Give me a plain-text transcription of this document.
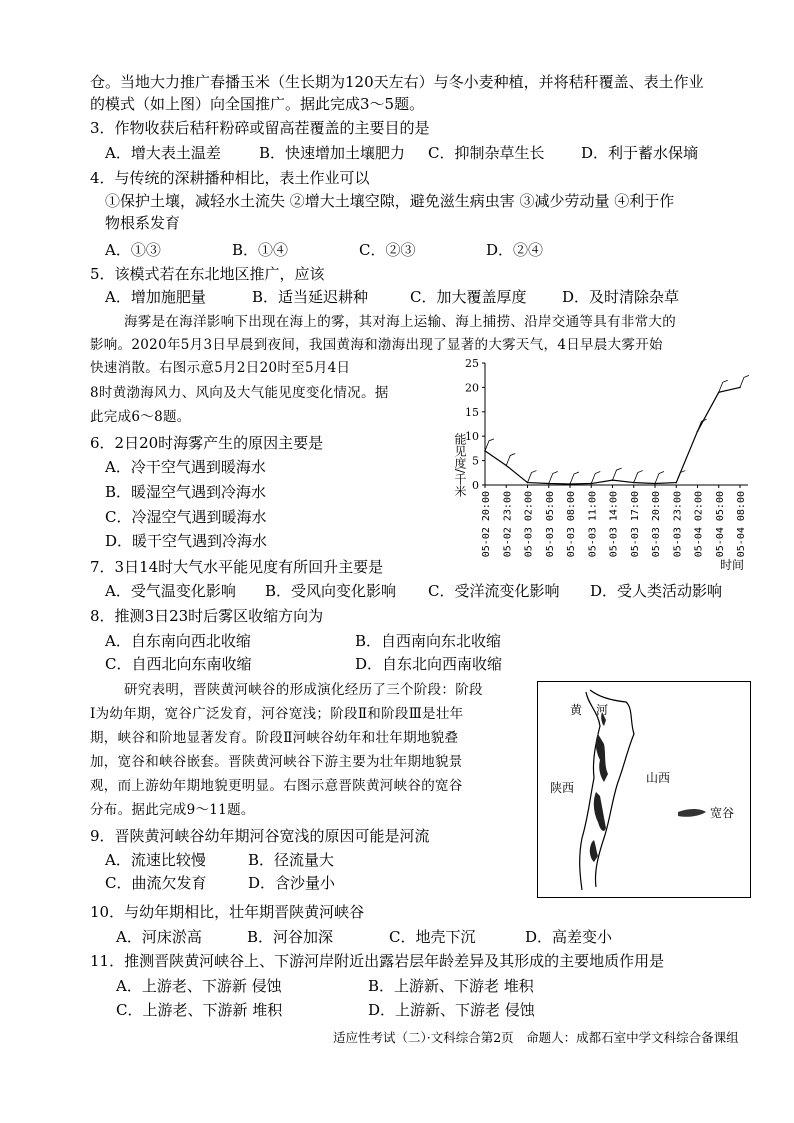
仓。当地大力推广春播玉米（生长期为120天左右）与冬小麦种植，并将秸秆覆盖、表土作业
的模式（如上图）向全国推广。据此完成3～5题。
3．作物收获后秸秆粉碎或留高茬覆盖的主要目的是
A．增大表土温差	B．快速增加土壤肥力 C．抑制杂草生长 D．利于蓄水保墒
4．与传统的深耕播种相比，表土作业可以
①保护土壤，减轻水土流失 ②增大土壤空隙，避免滋生病虫害 ③减少劳动量 ④利于作
物根系发育
A．①③	B．①④	C．②③	D．②④
5．该模式若在东北地区推广，应该
A．增加施肥量	B．适当延迟耕种	C．加大覆盖厚度 D．及时清除杂草
海雾是在海洋影响下出现在海上的雾，其对海上运输、海上捕捞、沿岸交通等具有非常大的
影响。2020年5月3日早晨到夜间，我国黄海和渤海出现了显著的大雾天气，4日早晨大雾开始
快速消散。右图示意5月2日20时至5月4日
8时黄渤海风力、风向及大气能见度变化情况。据
此完成6～8题。
6．2日20时海雾产生的原因主要是
A．冷干空气遇到暖海水
B．暖湿空气遇到冷海水
C．冷湿空气遇到暖海水
D．暖干空气遇到冷海水
能见度/千米
时间
0
5
10
15
20
25
05-02 20:00 05-02 23:00 05-03 02:00 05-03 05:00 05-03 08:00 05-03 11:00 05-03 14:00 05-03 17:00 05-03 20:00 05-03 23:00 05-04 02:00 05-04 05:00 05-04 08:00
7．3日14时大气水平能见度有所回升主要是
A．受气温变化影响 B．受风向变化影响 C．受洋流变化影响 D．受人类活动影响
8．推测3日23时后雾区收缩方向为
A．自东南向西北收缩	B．自西南向东北收缩
C．自西北向东南收缩	D．自东北向西南收缩
研究表明，晋陕黄河峡谷的形成演化经历了三个阶段：阶段
Ⅰ为幼年期，宽谷广泛发育，河谷宽浅；阶段Ⅱ和阶段Ⅲ是壮年
期，峡谷和阶地显著发育。阶段Ⅱ河峡谷幼年和壮年期地貌叠
加，宽谷和峡谷嵌套。晋陕黄河峡谷下游主要为壮年期地貌景
观，而上游幼年期地貌更明显。右图示意晋陕黄河峡谷的宽谷
分布。据此完成9～11题。
黄河
陕西
山西
宽谷
9．晋陕黄河峡谷幼年期河谷宽浅的原因可能是河流
A．流速比较慢	B．径流量大
C．曲流欠发育	D．含沙量小
10．与幼年期相比，壮年期晋陕黄河峡谷
A．河床淤高	B．河谷加深	C．地壳下沉	D．高差变小
11．推测晋陕黄河峡谷上、下游河岸附近出露岩层年龄差异及其形成的主要地质作用是
A．上游老、下游新 侵蚀	B．上游新、下游老 堆积
C．上游老、下游新 堆积	D．上游新、下游老 侵蚀
适应性考试（二）·文科综合第2页　命题人：成都石室中学文科综合备课组
